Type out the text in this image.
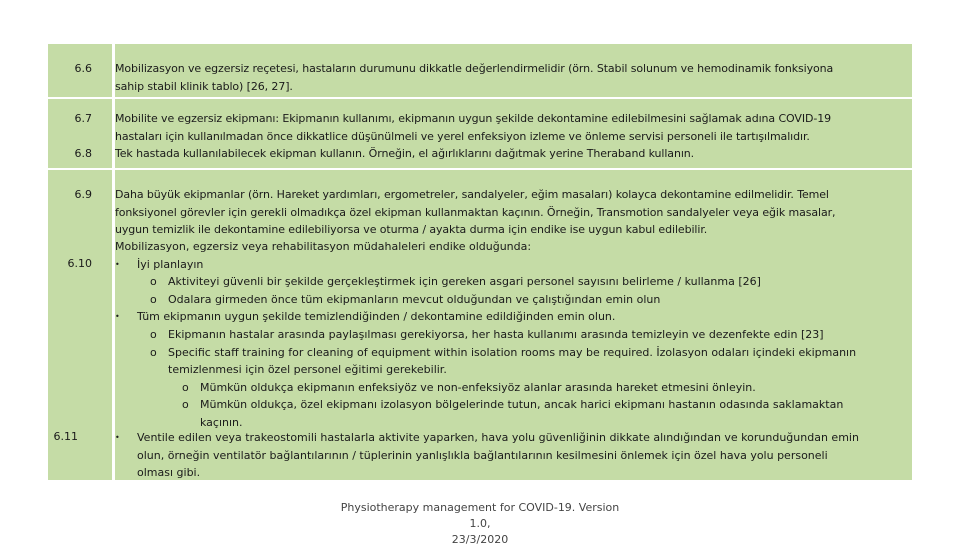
6.6 Mobilizasyon ve egzersiz reçetesi, hastaların durumunu dikkatle değerlendirmelidir (örn. Stabil solunum ve hemodinamik fonksiyona
sahip stabil klinik tablo) [26, 27].
6.7 Mobilite ve egzersiz ekipmanı: Ekipmanın kullanımı, ekipmanın uygun şekilde dekontamine edilebilmesini sağlamak adına COVID-19
hastaları için kullanılmadan önce dikkatlice düşünülmeli ve yerel enfeksiyon izleme ve önleme servisi personeli ile tartışılmalıdır.
6.8 Tek hastada kullanılabilecek ekipman kullanın. Örneğin, el ağırlıklarını dağıtmak yerine Theraband kullanın.
6.9 Daha büyük ekipmanlar (örn. Hareket yardımları, ergometreler, sandalyeler, eğim masaları) kolayca dekontamine edilmelidir. Temel
fonksiyonel görevler için gerekli olmadıkça özel ekipman kullanmaktan kaçının. Örneğin, Transmotion sandalyeler veya eğik masalar,
uygun temizlik ile dekontamine edilebiliyorsa ve oturma / ayakta durma için endike ise uygun kabul edilebilir.
6.10
Mobilizasyon, egzersiz veya rehabilitasyon müdahaleleri endike olduğunda:
• İyi planlayın
o Aktiviteyi güvenli bir şekilde gerçekleştirmek için gereken asgari personel sayısını belirleme / kullanma [26]
o Odalara girmeden önce tüm ekipmanların mevcut olduğundan ve çalıştığından emin olun
• Tüm ekipmanın uygun şekilde temizlendiğinden / dekontamine edildiğinden emin olun.
o Ekipmanın hastalar arasında paylaşılması gerekiyorsa, her hasta kullanımı arasında temizleyin ve dezenfekte edin [23]
o Specific staff training for cleaning of equipment within isolation rooms may be required. İzolasyon odaları içindeki ekipmanın
temizlenmesi için özel personel eğitimi gerekebilir.
o Mümkün oldukça ekipmanın enfeksiyöz ve non-enfeksiyöz alanlar arasında hareket etmesini önleyin.
o Mümkün oldukça, özel ekipmanı izolasyon bölgelerinde tutun, ancak harici ekipmanı hastanın odasında saklamaktan
kaçının.
6.11	• Ventile edilen veya trakeostomili hastalarla aktivite yaparken, hava yolu güvenliğinin dikkate alındığından ve korunduğundan emin
olun, örneğin ventilatör bağlantılarının / tüplerinin yanlışlıkla bağlantılarının kesilmesini önlemek için özel hava yolu personeli
olması gibi.
Physiotherapy management for COVID-19. Version 1.0,
23/3/2020
